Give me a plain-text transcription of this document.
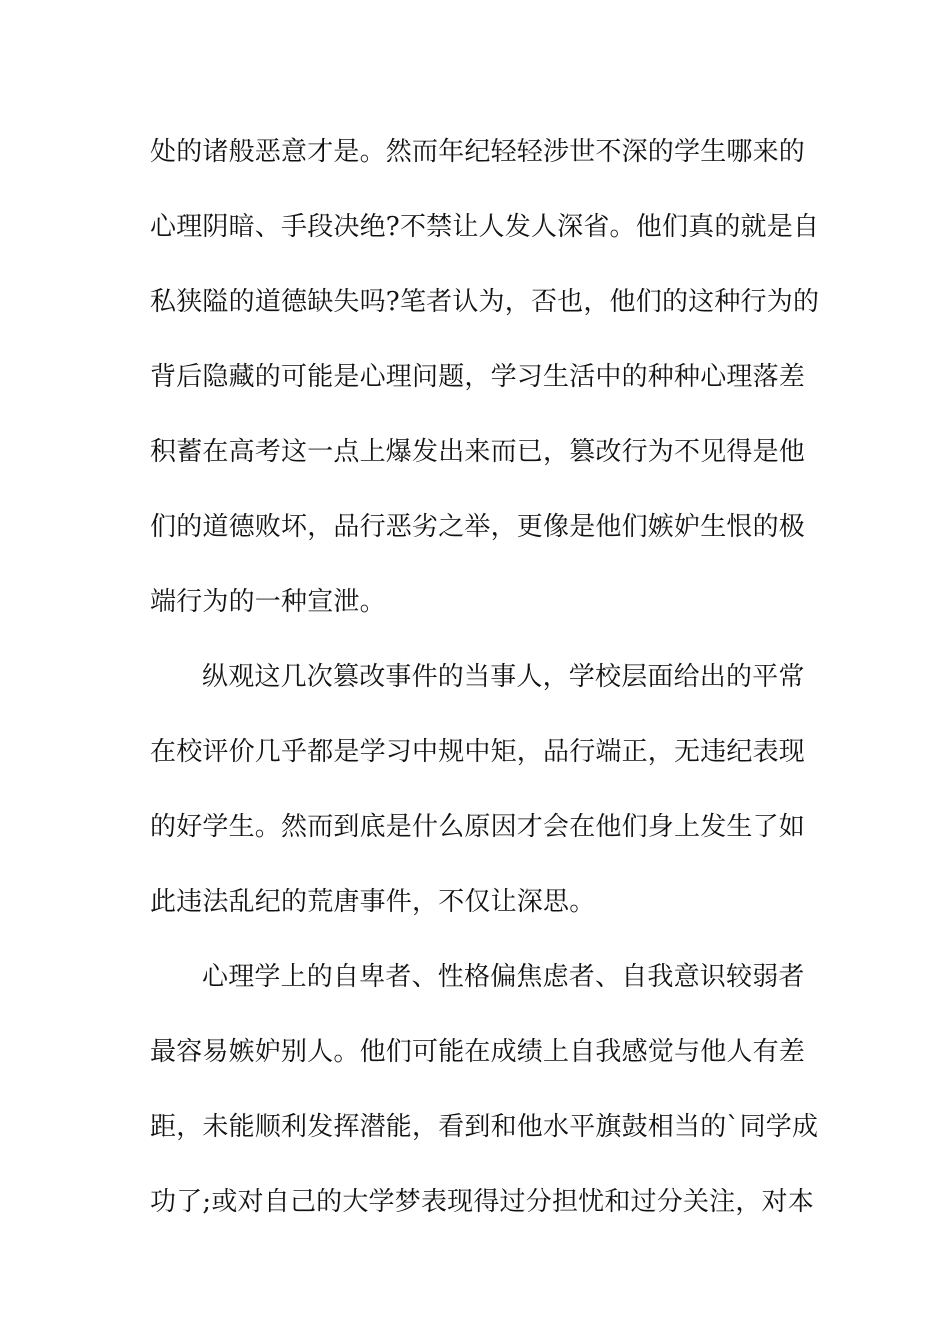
处的诸般恶意才是。然而年纪轻轻涉世不深的学生哪来的
心理阴暗、手段决绝?不禁让人发人深省。他们真的就是自
私狭隘的道德缺失吗?笔者认为，否也，他们的这种行为的
背后隐藏的可能是心理问题，学习生活中的种种心理落差
积蓄在高考这一点上爆发出来而已，篡改行为不见得是他
们的道德败坏，品行恶劣之举，更像是他们嫉妒生恨的极
端行为的一种宣泄。
纵观这几次篡改事件的当事人，学校层面给出的平常
在校评价几乎都是学习中规中矩，品行端正，无违纪表现
的好学生。然而到底是什么原因才会在他们身上发生了如
此违法乱纪的荒唐事件，不仅让深思。
心理学上的自卑者、性格偏焦虑者、自我意识较弱者
最容易嫉妒别人。他们可能在成绩上自我感觉与他人有差
距，未能顺利发挥潜能，看到和他水平旗鼓相当的`同学成
功了;或对自己的大学梦表现得过分担忧和过分关注，对本
